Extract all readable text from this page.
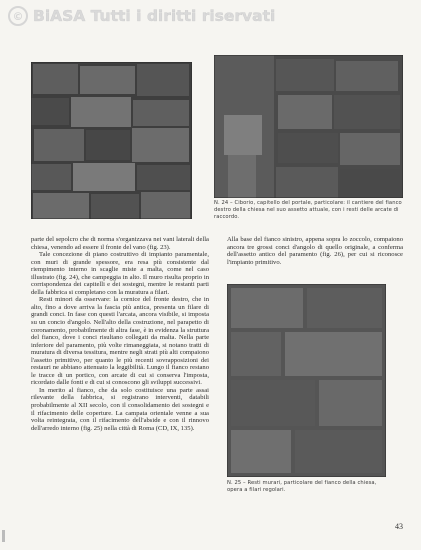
© BiASA Tutti i diritti riservati
N. 24 – Ciborio, capitello del portale, particolare: il cantiere del fianco destro della chiesa nel suo assetto attuale, con i resti delle arcate di raccordo.
N. 25 – Resti murari, particolare del fianco della chiesa, opera a filari regolari.

parte del sepolcro che di norma s'organizzava nei vani laterali della chiesa, venendo ad essere il fronte del vano (fig. 23).

Tale concezione di piano costruttivo di impianto paramentale, con muri di grande spessore, era resa più consistente dal riempimento interno in scaglie miste a malta, come nel caso illustrato (fig. 24), che campeggia in alto. Il muro risulta proprio in corrispondenza dei capitelli e dei sostegni, mentre le restanti parti della fabbrica si completano con la muratura a filari.

Resti minori da osservare: la cornice del fronte destro, che in alto, fino a dove arriva la fascia più antica, presenta un filare di grandi conci. In fase con questi l'arcata, ancora visibile, si imposta su un concio d'angolo. Nell'alto della costruzione, nel parapetto di coronamento, probabilmente di altra fase, è in evidenza la struttura del fianco, dove i conci risultano collegati da malta. Nella parte inferiore del paramento, più volte rimaneggiata, si notano tratti di muratura di diversa tessitura, mentre negli strati più alti compaiono l'assetto primitivo, per quanto le più recenti sovrapposizioni dei restauri ne abbiano attenuato la leggibilità. Lungo il fianco restano le tracce di un portico, con arcate di cui si conserva l'imposta, ricordato dalle fonti e di cui si conoscono gli sviluppi successivi.

In merito al fianco, che da solo costituisce una parte assai rilevante della fabbrica, si registrano interventi, databili probabilmente al XII secolo, con il consolidamento dei sostegni e il rifacimento delle coperture. La campata orientale venne a sua volta reintegrata, con il rifacimento dell'abside e con il rinnovo dell'arredo interno (fig. 25) nella città di Roma (CD, IX, 135).

Alla base del fianco sinistro, appena sopra lo zoccolo, compaiono ancora tre grossi conci d'angolo di quello originale, a conferma dell'assetto antico del paramento (fig. 26), per cui si riconosce l'impianto primitivo.

43
